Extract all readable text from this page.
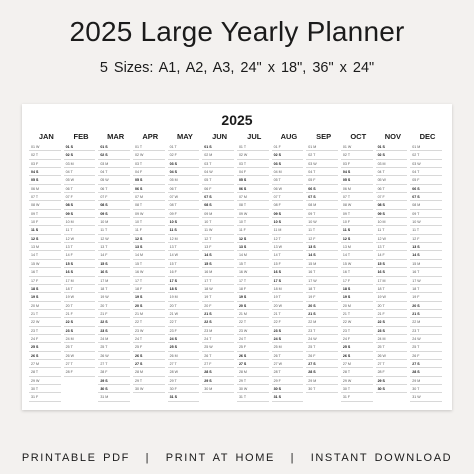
2025 Large Yearly Planner
5 Sizes: A1, A2, A3, 24" x 18", 36" x 24"
2025
JAN
01 W
02 T
03 F
04 S
05 S
06 M
07 T
08 W
09 T
10 F
11 S
12 S
13 M
14 T
15 W
16 T
17 F
18 S
19 S
20 M
21 T
22 W
23 T
24 F
25 S
26 S
27 M
28 T
29 W
30 T
31 F
FEB
01 S
02 S
03 M
04 T
05 W
06 T
07 F
08 S
09 S
10 M
11 T
12 W
13 T
14 F
15 S
16 S
17 M
18 T
19 W
20 T
21 F
22 S
23 S
24 M
25 T
26 W
27 T
28 F
MAR
01 S
02 S
03 M
04 T
05 W
06 T
07 F
08 S
09 S
10 M
11 T
12 W
13 T
14 F
15 S
16 S
17 M
18 T
19 W
20 T
21 F
22 S
23 S
24 M
25 T
26 W
27 T
28 F
29 S
30 S
31 M
APR
01 T
02 W
03 T
04 F
05 S
06 S
07 M
08 T
09 W
10 T
11 F
12 S
13 S
14 M
15 T
16 W
17 T
18 F
19 S
20 S
21 M
22 T
23 W
24 T
25 F
26 S
27 S
28 M
29 T
30 W
MAY
01 T
02 F
03 S
04 S
05 M
06 T
07 W
08 T
09 F
10 S
11 S
12 M
13 T
14 W
15 T
16 F
17 S
18 S
19 M
20 T
21 W
22 T
23 F
24 S
25 S
26 M
27 T
28 W
29 T
30 F
31 S
JUN
01 S
02 M
03 T
04 W
05 T
06 F
07 S
08 S
09 M
10 T
11 W
12 T
13 F
14 S
15 S
16 M
17 T
18 W
19 T
20 F
21 S
22 S
23 M
24 T
25 W
26 T
27 F
28 S
29 S
30 M
JUL
01 T
02 W
03 T
04 F
05 S
06 S
07 M
08 T
09 W
10 T
11 F
12 S
13 S
14 M
15 T
16 W
17 T
18 F
19 S
20 S
21 M
22 T
23 W
24 T
25 F
26 S
27 S
28 M
29 T
30 W
31 T
AUG
01 F
02 S
03 S
04 M
05 T
06 W
07 T
08 F
09 S
10 S
11 M
12 T
13 W
14 T
15 F
16 S
17 S
18 M
19 T
20 W
21 T
22 F
23 S
24 S
25 M
26 T
27 W
28 T
29 F
30 S
31 S
SEP
01 M
02 T
03 W
04 T
05 F
06 S
07 S
08 M
09 T
10 W
11 T
12 F
13 S
14 S
15 M
16 T
17 W
18 T
19 F
20 S
21 S
22 M
23 T
24 W
25 T
26 F
27 S
28 S
29 M
30 T
OCT
01 W
02 T
03 F
04 S
05 S
06 M
07 T
08 W
09 T
10 F
11 S
12 S
13 M
14 T
15 W
16 T
17 F
18 S
19 S
20 M
21 T
22 W
23 T
24 F
25 S
26 S
27 M
28 T
29 W
30 T
31 F
NOV
01 S
02 S
03 M
04 T
05 W
06 T
07 F
08 S
09 S
10 M
11 T
12 W
13 T
14 F
15 S
16 S
17 M
18 T
19 W
20 T
21 F
22 S
23 S
24 M
25 T
26 W
27 T
28 F
29 S
30 S
DEC
01 M
02 T
03 W
04 T
05 F
06 S
07 S
08 M
09 T
10 W
11 T
12 F
13 S
14 S
15 M
16 T
17 W
18 T
19 F
20 S
21 S
22 M
23 T
24 W
25 T
26 F
27 S
28 S
29 M
30 T
31 W
PRINTABLE PDF | PRINT AT HOME | INSTANT DOWNLOAD
